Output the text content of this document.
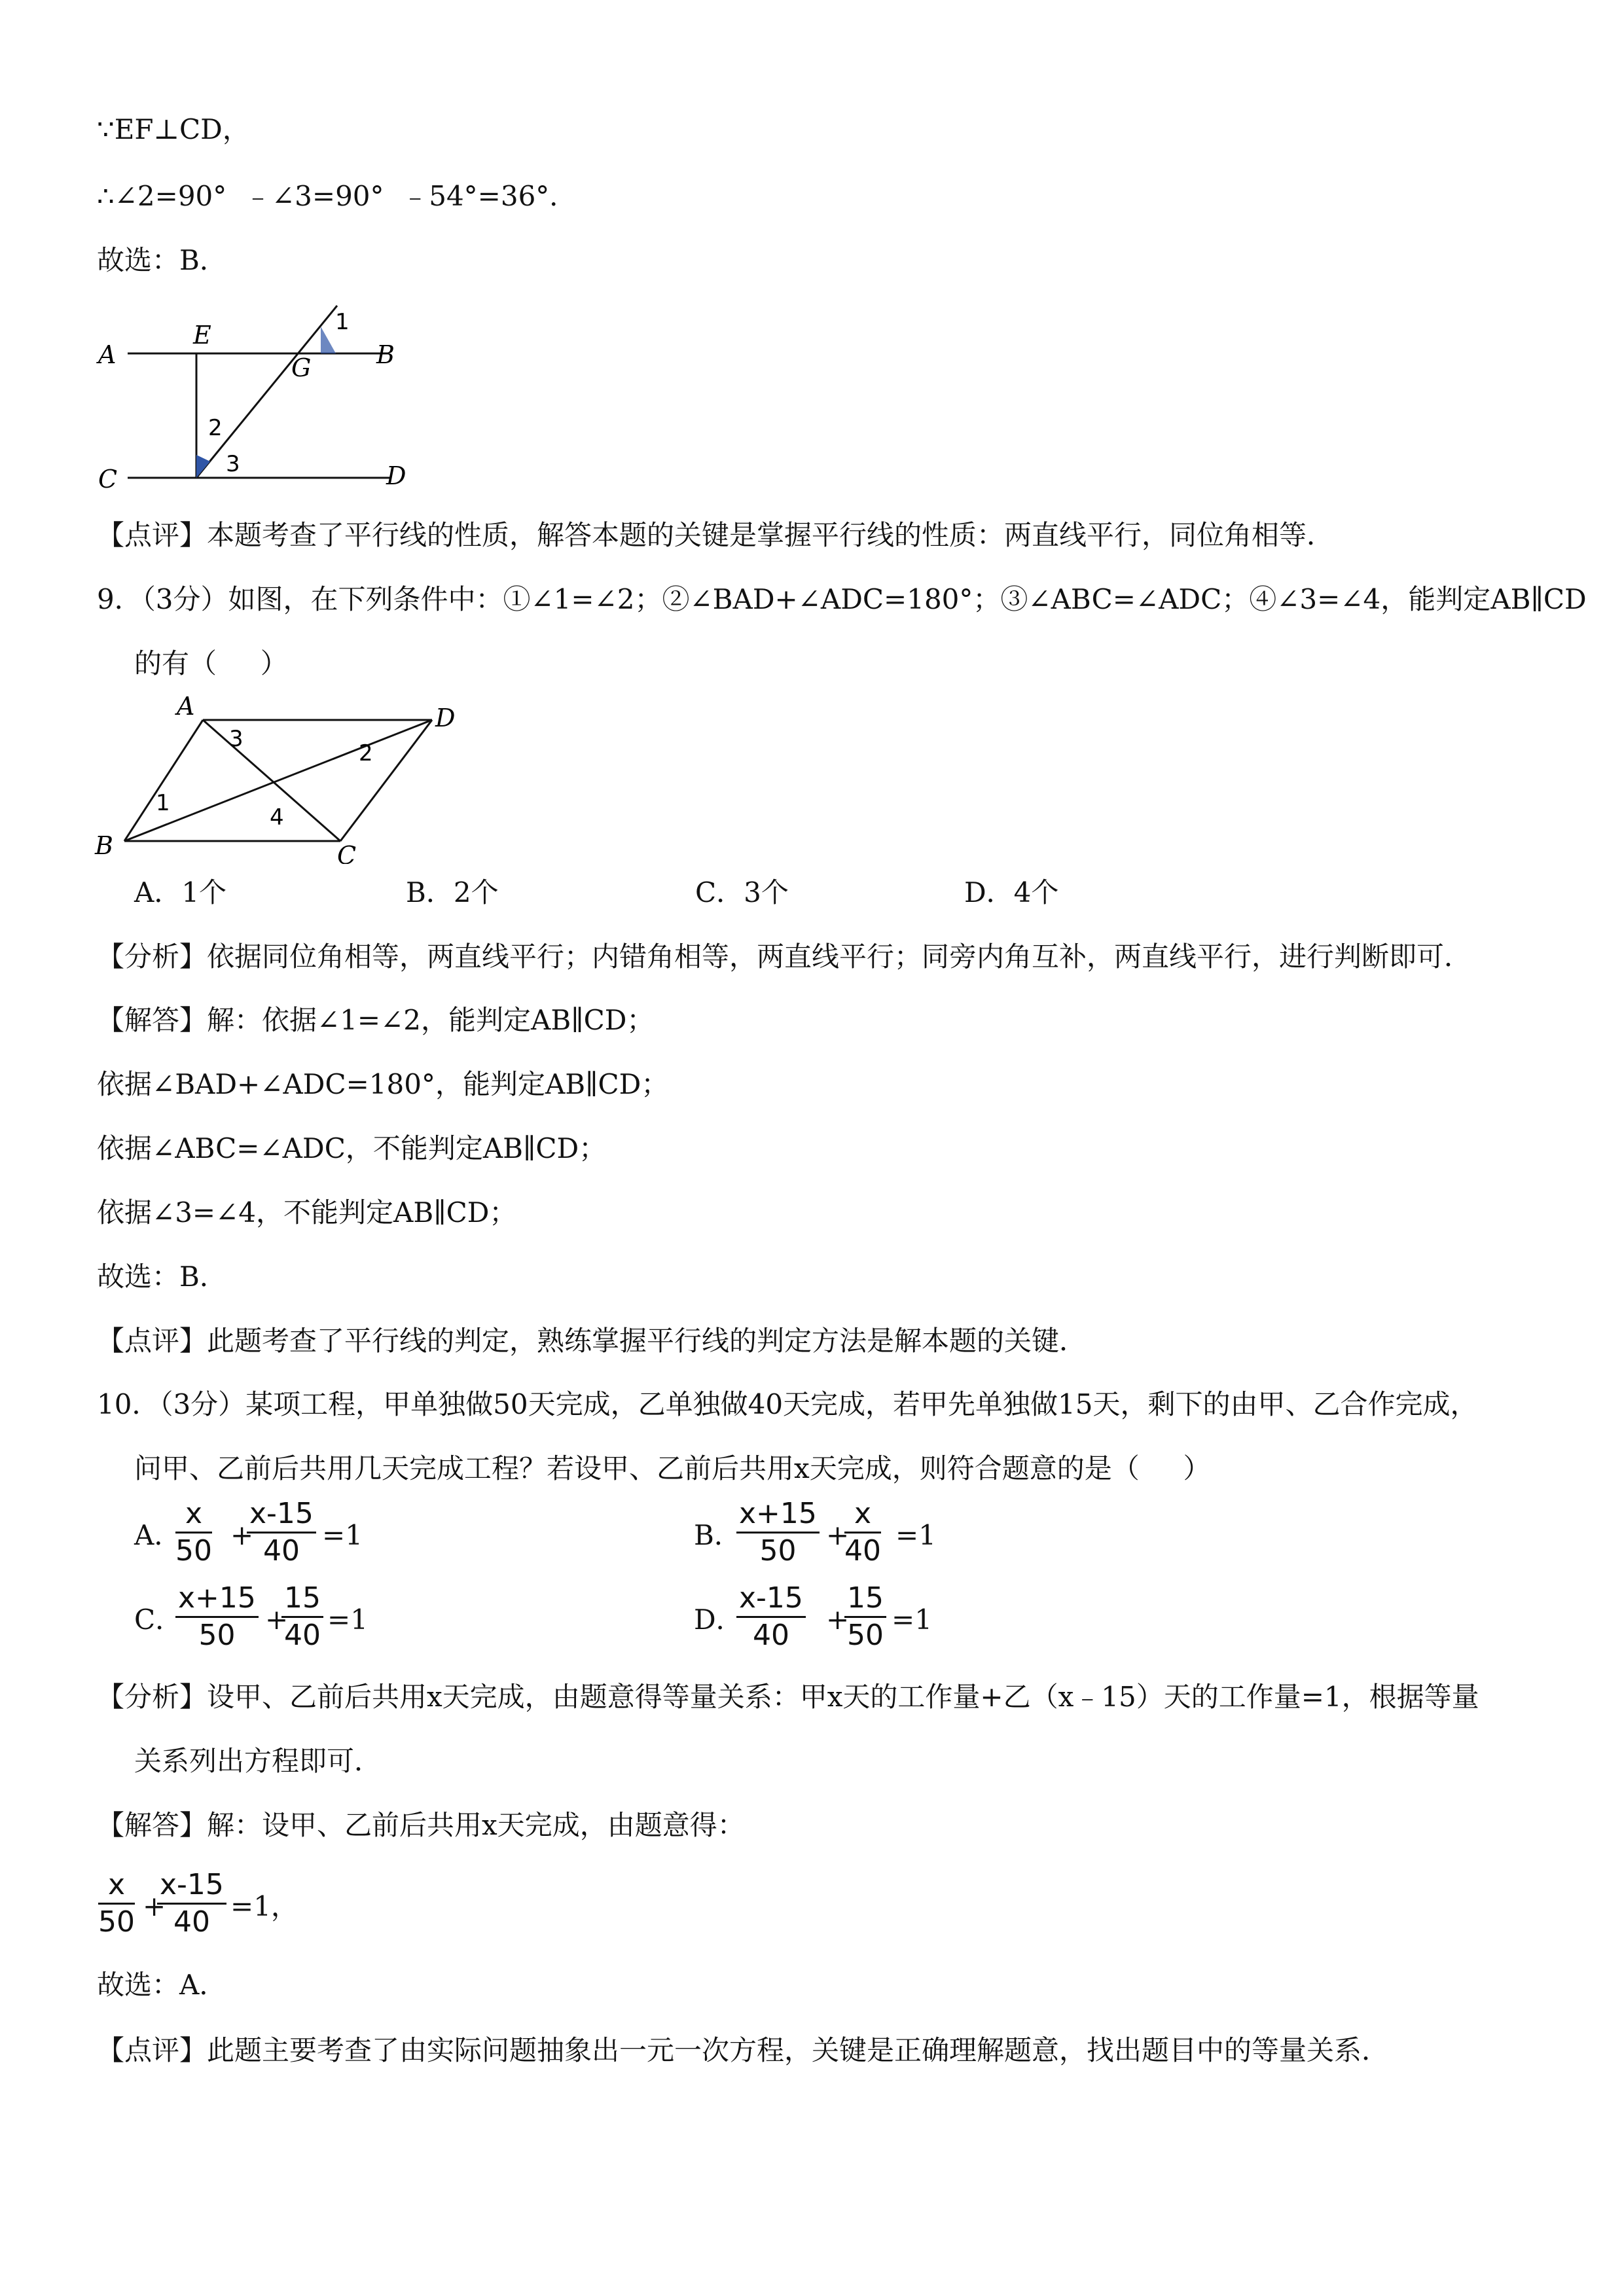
∵EF⊥CD，
∴∠2=90°  ﹣∠3=90°  ﹣54°=36°．
故选：B．
A
E
G	B
C	D
1
2
3
【点评】本题考查了平行线的性质，解答本题的关键是掌握平行线的性质：两直线平行，同位角相等．
9．（3分）如图，在下列条件中：①∠1=∠2；②∠BAD+∠ADC=180°；③∠ABC=∠ADC；④∠3=∠4，能判定AB∥CD
的有（     ）
A	D
B	C
1
2
3
4
A．1个	B．2个	C．3个	D．4个
【分析】依据同位角相等，两直线平行；内错角相等，两直线平行；同旁内角互补，两直线平行，进行判断即可．
【解答】解：依据∠1=∠2，能判定AB∥CD；
依据∠BAD+∠ADC=180°，能判定AB∥CD；
依据∠ABC=∠ADC，不能判定AB∥CD；
依据∠3=∠4，不能判定AB∥CD；
故选：B．
【点评】此题考查了平行线的判定，熟练掌握平行线的判定方法是解本题的关键．
10．（3分）某项工程，甲单独做50天完成，乙单独做40天完成，若甲先单独做15天，剩下的由甲、乙合作完成，
问甲、乙前后共用几天完成工程？若设甲、乙前后共用x天完成，则符合题意的是（     ）
A．
x
50 +
x-15
40 =1	B．
x+15
50	+
x
40 =1
C．
x+15
50	+
15
40 =1	D．
x-15
40	+
15
50 =1
【分析】设甲、乙前后共用x天完成，由题意得等量关系：甲x天的工作量+乙（x﹣15）天的工作量=1，根据等量
关系列出方程即可．
【解答】解：设甲、乙前后共用x天完成，由题意得：
x
50 +
x-15
40 =1，
故选：A．
【点评】此题主要考查了由实际问题抽象出一元一次方程，关键是正确理解题意，找出题目中的等量关系．
